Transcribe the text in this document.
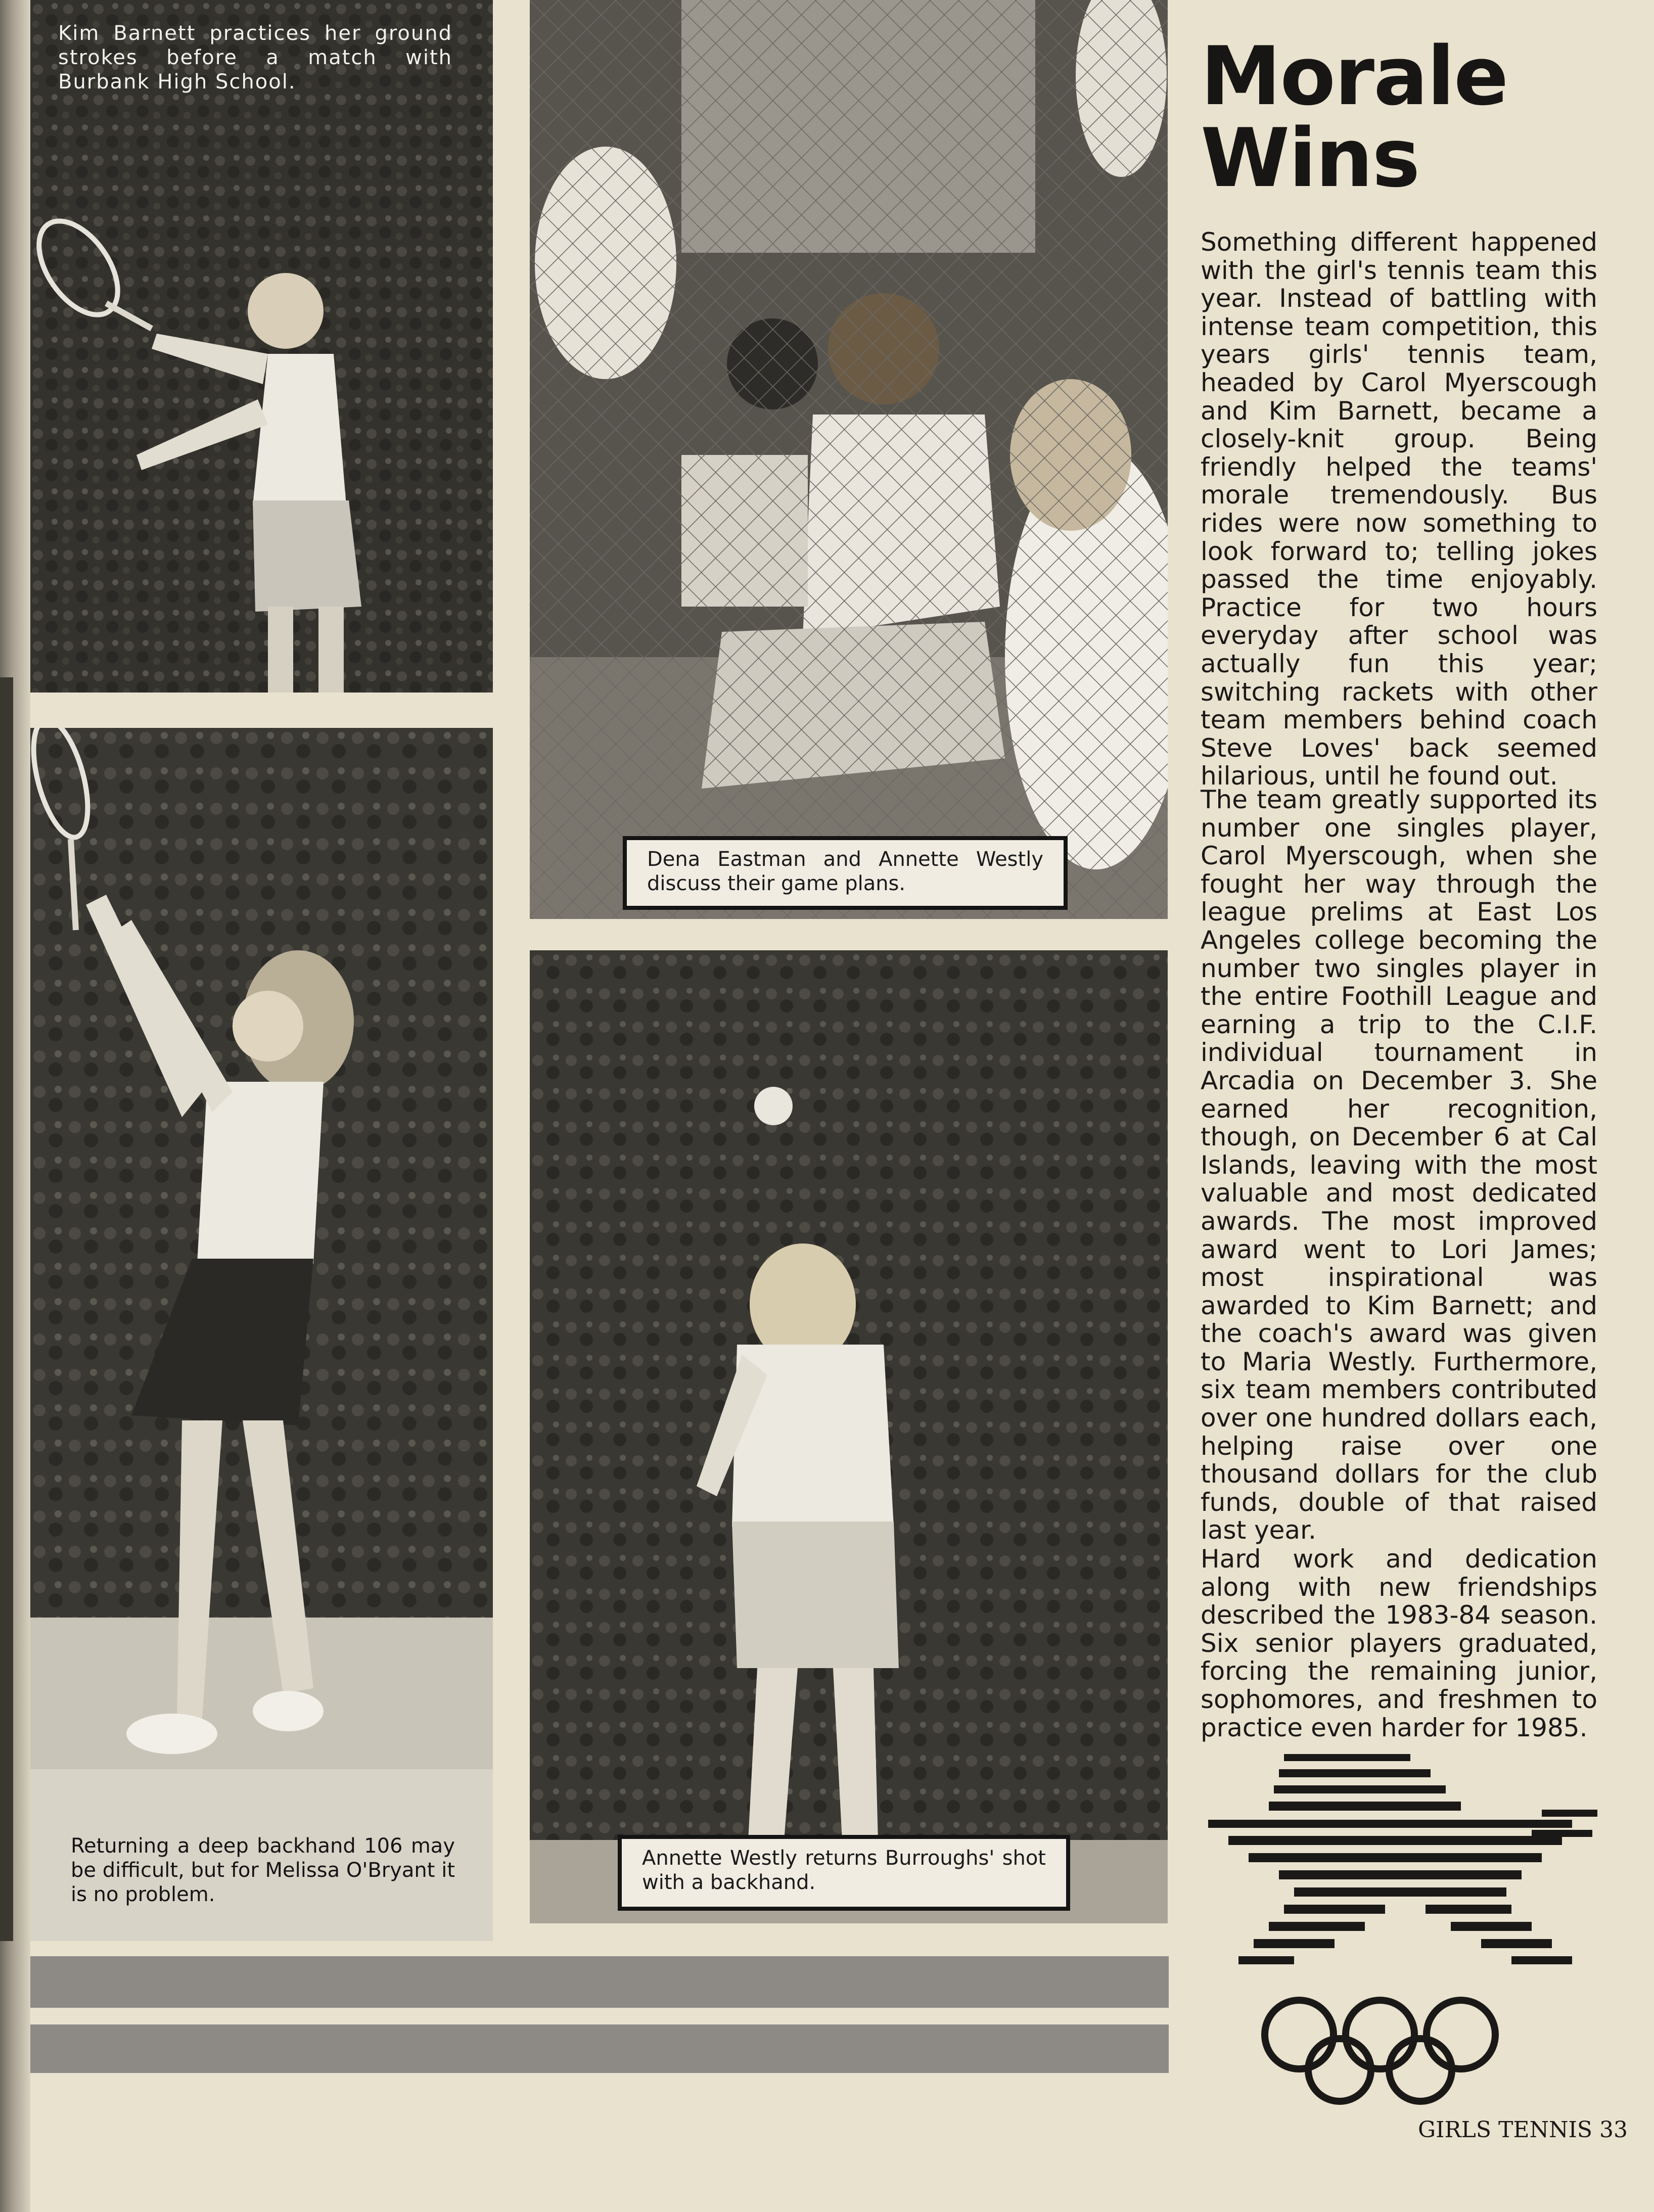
Kim Barnett practices her ground strokes before a match with Burbank High School.
Returning a deep backhand 106 may be difficult, but for Melissa O'Bryant it is no problem.
Dena Eastman and Annette Westly discuss their game plans.
Annette Westly returns Burroughs' shot with a backhand.
Morale
Wins
Something different happened with the girl's tennis team this year. Instead of battling with intense team competition, this years girls' tennis team, headed by Carol Myerscough and Kim Barnett, became a closely-knit group. Being friendly helped the teams' morale tremendously. Bus rides were now something to look forward to; telling jokes passed the time enjoyably. Practice for two hours everyday after school was actually fun this year; switching rackets with other team members behind coach Steve Loves' back seemed hilarious, until he found out.
The team greatly supported its number one singles player, Carol Myerscough, when she fought her way through the league prelims at East Los Angeles college becoming the number two singles player in the entire Foothill League and earning a trip to the C.I.F. individual tournament in Arcadia on December 3. She earned her recognition, though, on December 6 at Cal Islands, leaving with the most valuable and most dedicated awards. The most improved award went to Lori James; most inspirational was awarded to Kim Barnett; and the coach's award was given to Maria Westly. Furthermore, six team members contributed over one hundred dollars each, helping raise over one thousand dollars for the club funds, double of that raised last year.
Hard work and dedication along with new friendships described the 1983-84 season. Six senior players graduated, forcing the remaining junior, sophomores, and freshmen to practice even harder for 1985.
GIRLS TENNIS 33
